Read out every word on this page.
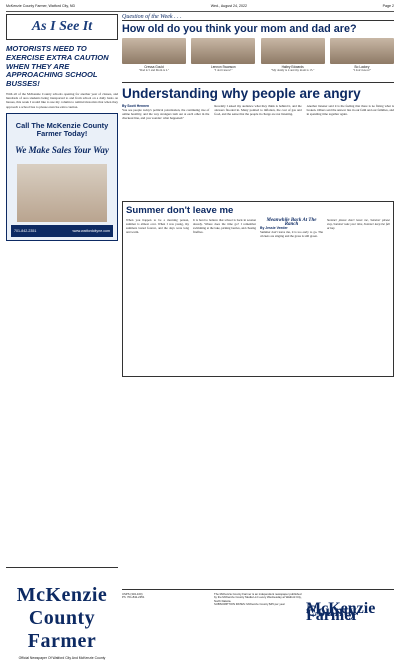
McKenzie County Farmer, Watford City, ND	Wed., August 24, 2022	Page 2
As I See It
MOTORISTS NEED TO EXERCISE EXTRA CAUTION WHEN THEY ARE APPROACHING SCHOOL BUSSES!
With all of the McKenzie County schools opening for another year of classes, and hundreds of area students being transported to and from school on a daily basis on busses, this week I would like to use my column to remind motorists that when they approach a school bus to please exercise extra caution.
Call The McKenzie County Farmer Today!
We Make Sales Your Way
701-842-2351	www.watfordcityne.com
McKenzie County Farmer
Official Newspaper Of Watford City And McKenzie County
Question of the Week . . .
How old do you think your mom and dad are?
Cressa Gould
"Dad is 5 and Mom is 2."
Lennon Swanson
"I don't know!"
Hailey Edwards
"My daddy is 4 and my mom is 15."
Bo Lackey
"I don't know!"
Understanding why people are angry
By Scott Hennen
You see people today's political polarization, the continuing rise of online hostility, and the way strangers lash out at each other in the checkout line, and you wonder: what happened?
Recently I asked my audience what they think is behind it, and the answers flooded in. Many pointed to inflation, the cost of gas and food, and the sense that the people in charge are not listening.
Another listener said it is the feeling that there is no fixing what is broken. Others said the answer lies in our faith and our families, and in spending time together again.
Summer don't leave me
When you happen to be a morning person, summer is almost over. When I was young, my summers lasted forever, and the days were long and warm.
It is hard to believe that school is back in session already. Where does the time go? I remember swimming at the lake, picking berries, and chasing fireflies.
Meanwhile Back At The Ranch
By Jessie Veeder
Summer don't leave me, it is too early to go. The crickets are singing and the grass is still green.
Summer please don't leave me, Summer please stay, Summer take your time, Summer keep the fall at bay.
USPS (334-100)
Ph: 701-842-2351
The McKenzie County Farmer is an independent newspaper published by the McKenzie County Media LLC every Wednesday at Watford City, North Dakota.
SUBSCRIPTION RATES: McKenzie County $45 per year	McKenzie County Farmer
